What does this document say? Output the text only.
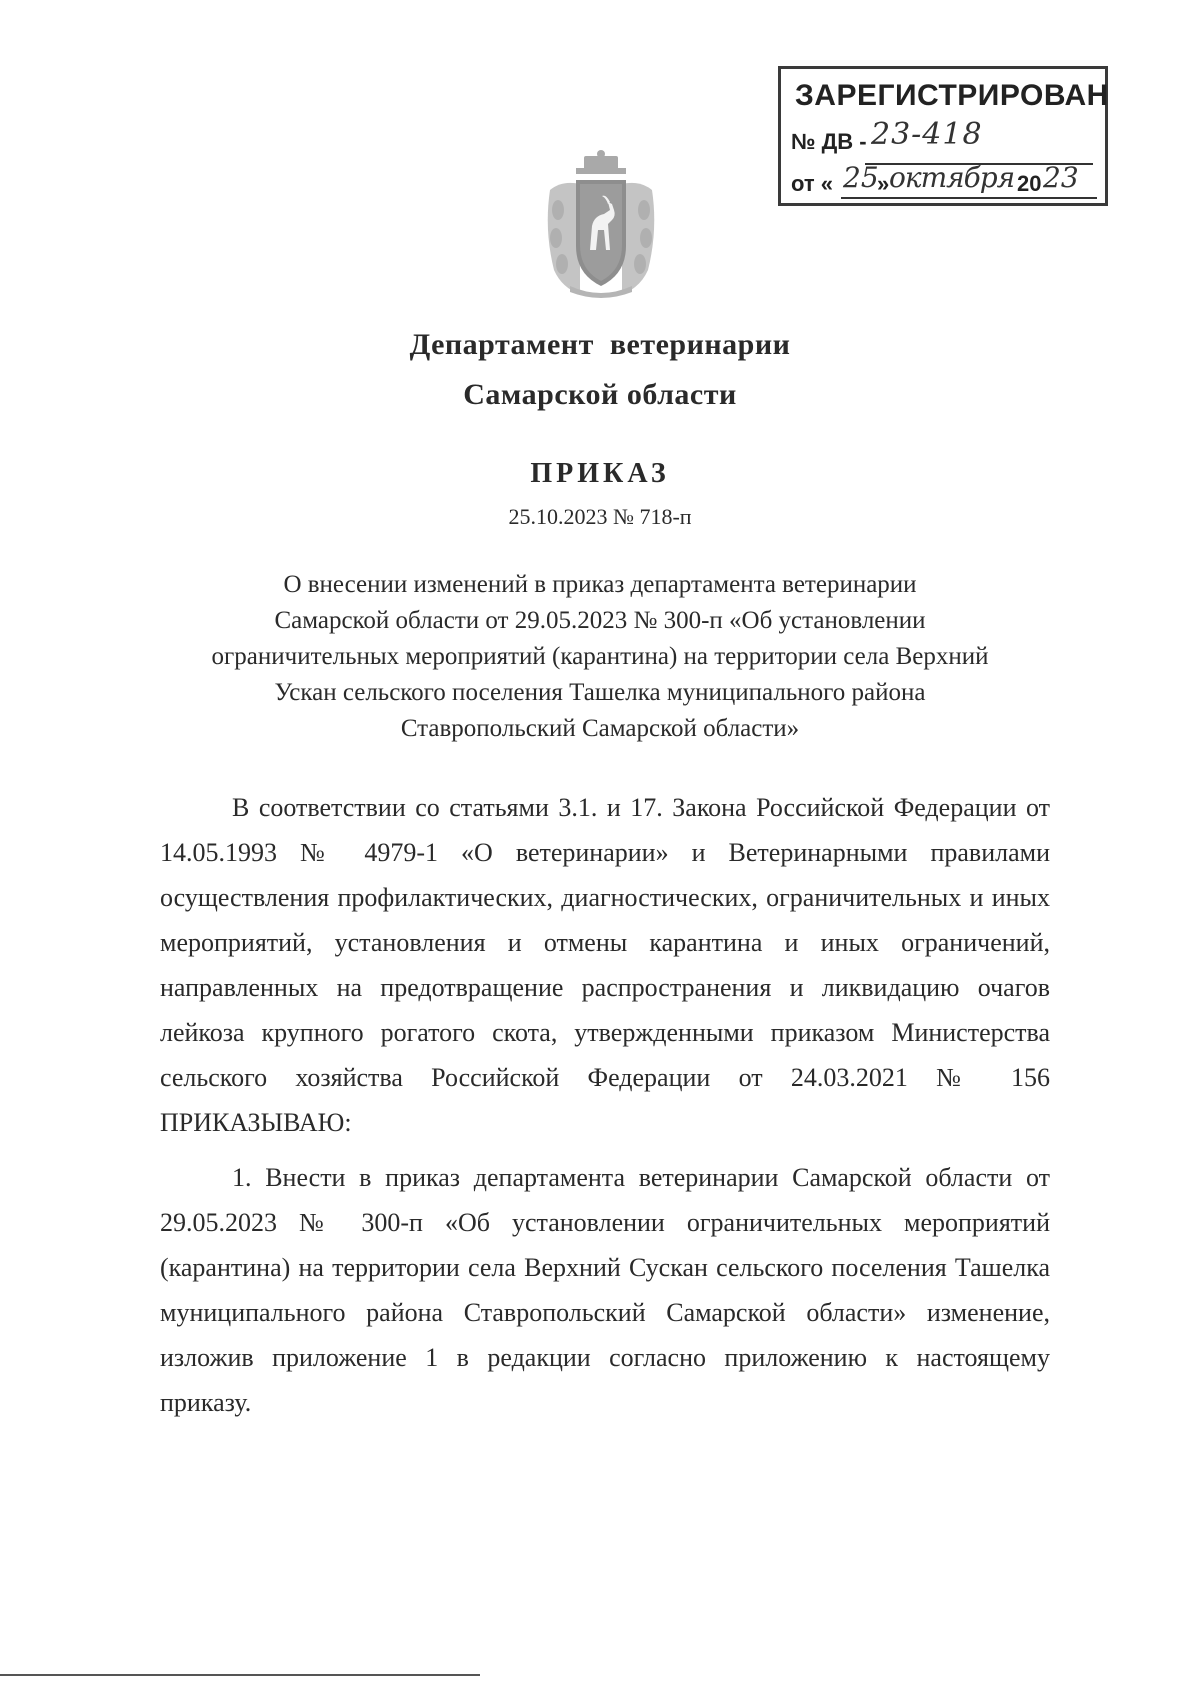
ЗАРЕГИСТРИРОВАН
№ ДВ - 23-418
от « 25
» октября 20 23
Департамент ветеринарии
Самарской области
ПРИКАЗ
25.10.2023 № 718-п
О внесении изменений в приказ департамента ветеринарии
Самарской области от 29.05.2023 № 300-п «Об установлении
ограничительных мероприятий (карантина) на территории села Верхний
Ускан сельского поселения Ташелка муниципального района
Ставропольский Самарской области»

В соответствии со статьями 3.1. и 17. Закона Российской Федерации от 14.05.1993 № 4979-1 «О ветеринарии» и Ветеринарными правилами осуществления профилактических, диагностических, ограничительных и иных мероприятий, установления и отмены карантина и иных ограничений, направленных на предотвращение распространения и ликвидацию очагов лейкоза крупного рогатого скота, утвержденными приказом Министерства сельского хозяйства Российской Федерации от 24.03.2021 № 156 ПРИКАЗЫВАЮ:

1. Внести в приказ департамента ветеринарии Самарской области от 29.05.2023 № 300-п «Об установлении ограничительных мероприятий (карантина) на территории села Верхний Сускан сельского поселения Ташелка муниципального района Ставропольский Самарской области» изменение, изложив приложение 1 в редакции согласно приложению к настоящему приказу.
